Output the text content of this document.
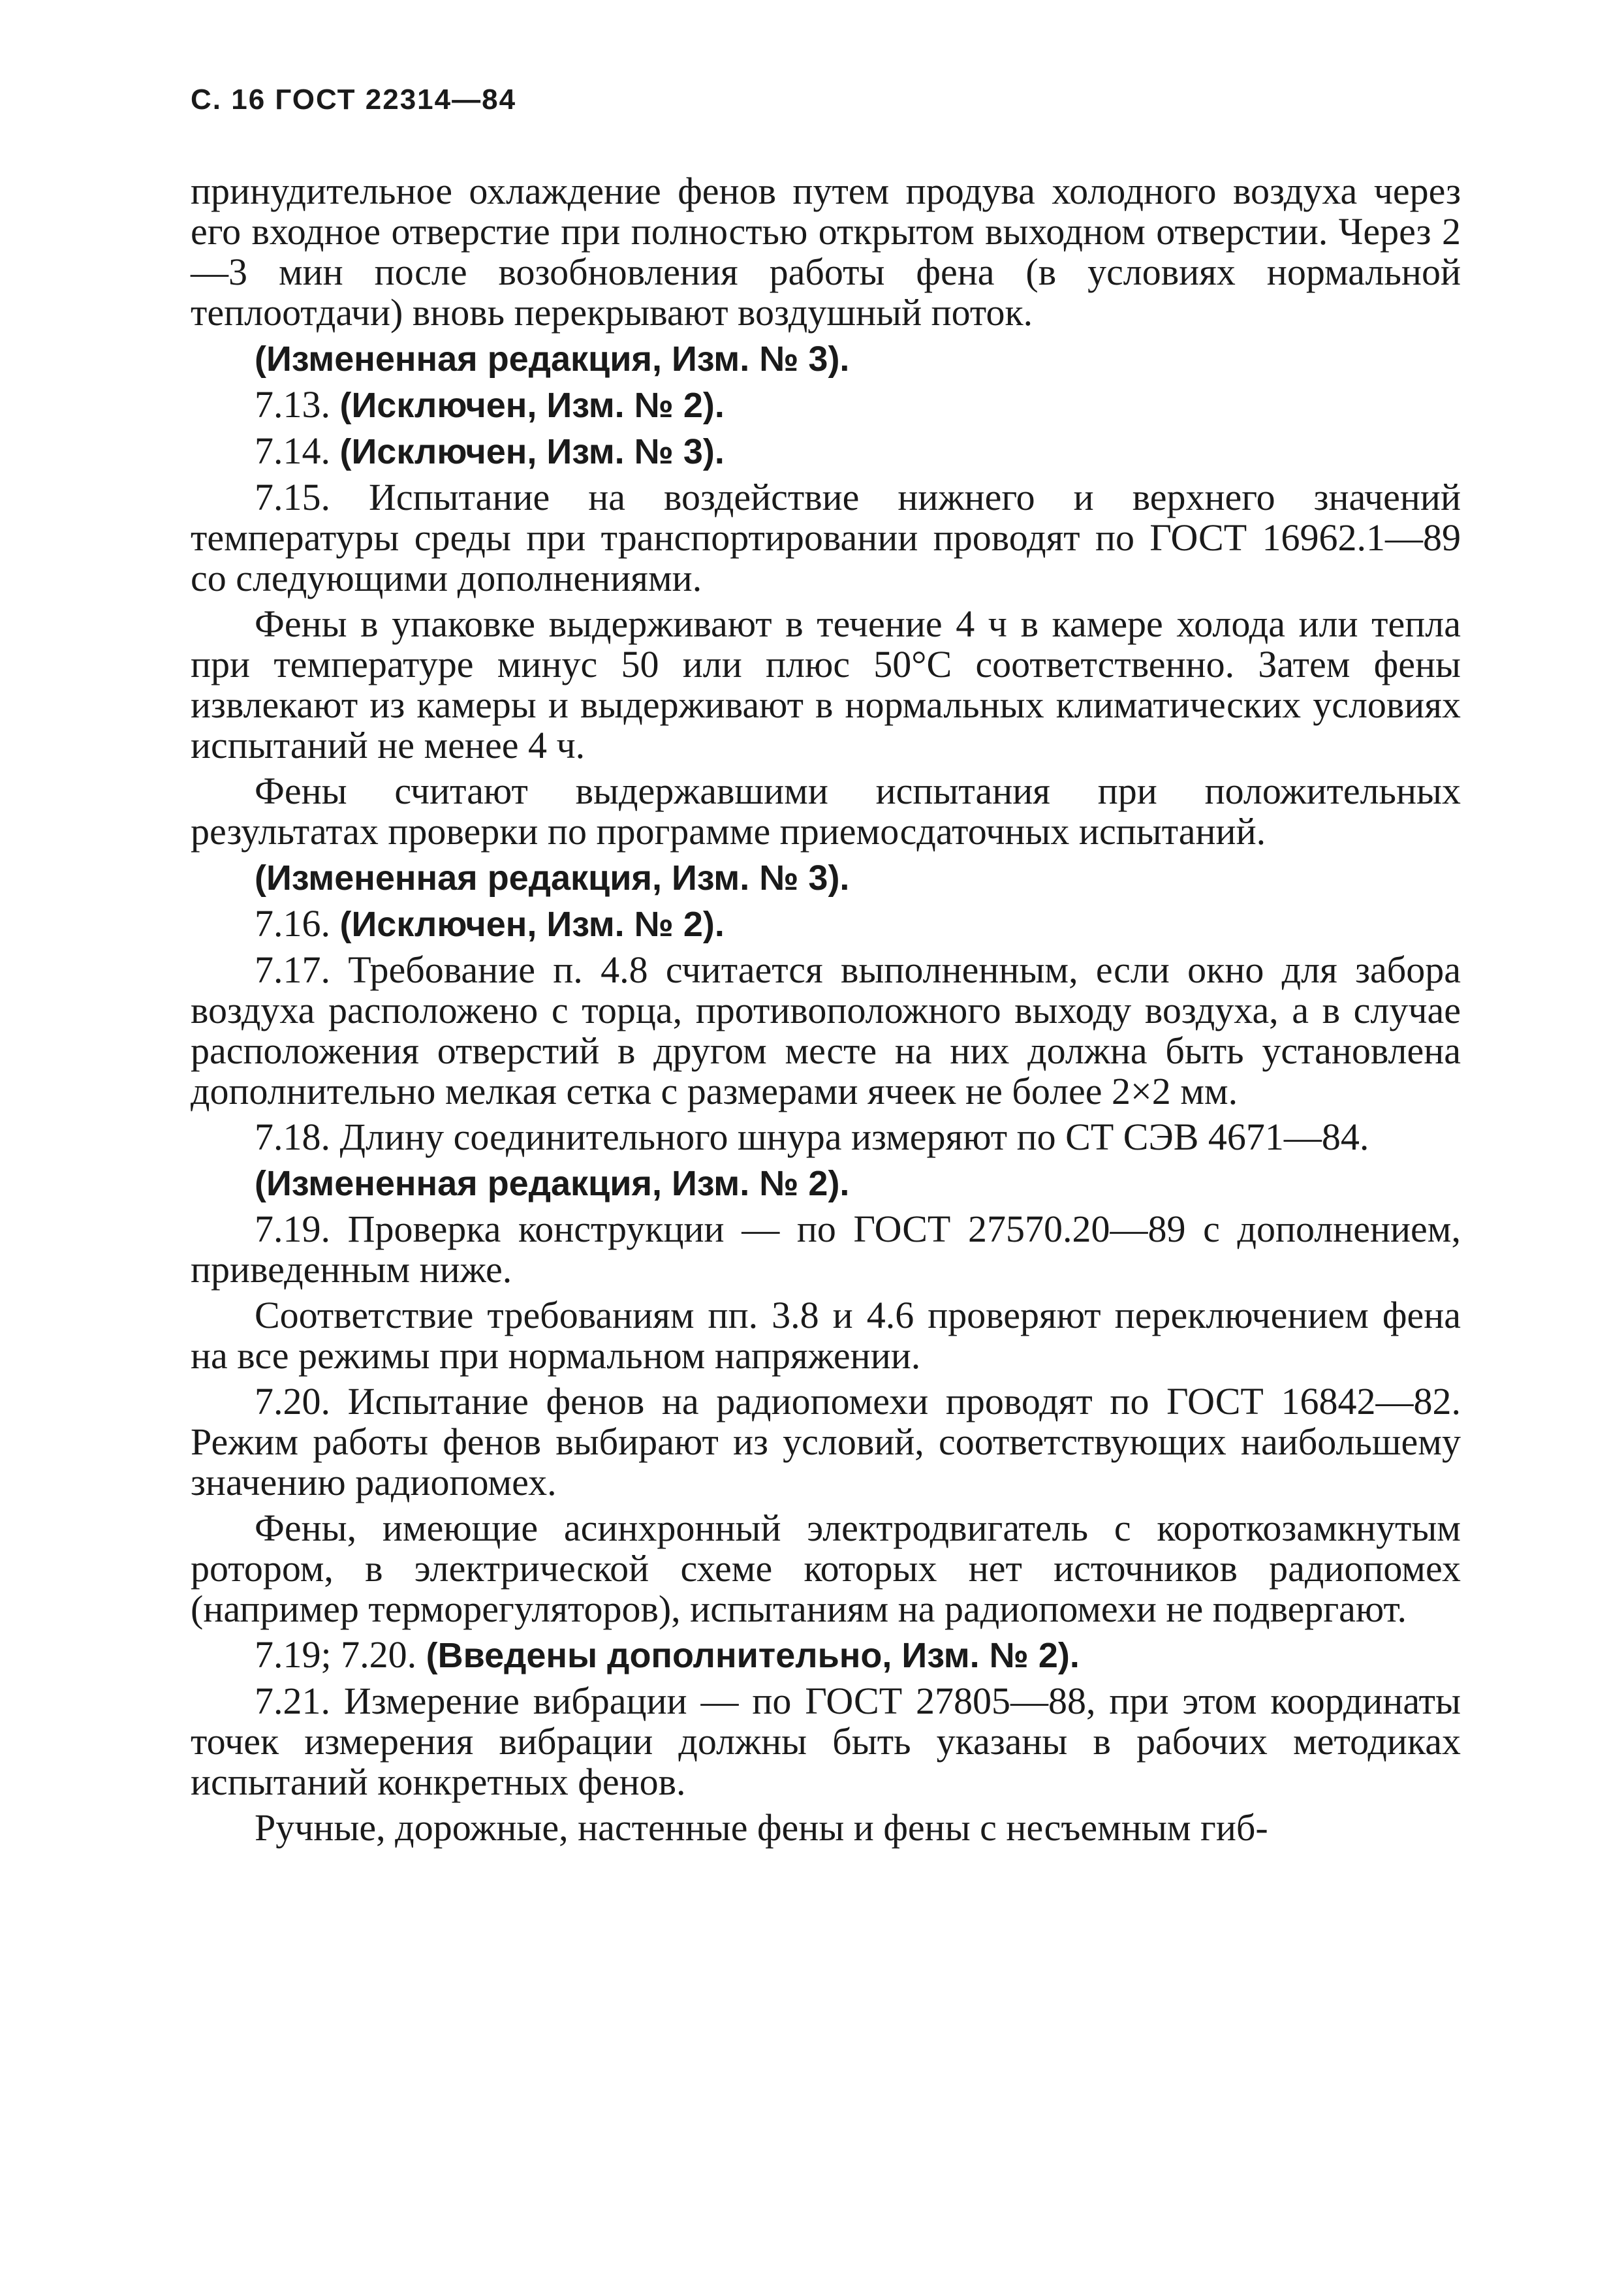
С. 16 ГОСТ 22314—84

принудительное охлаждение фенов путем продува холодного воздуха через его входное отверстие при полностью открытом выходном отверстии. Через 2—3 мин после возобновления работы фена (в условиях нормальной теплоотдачи) вновь перекрывают воздушный поток.

(Измененная редакция, Изм. № 3).

7.13. (Исключен, Изм. № 2).

7.14. (Исключен, Изм. № 3).

7.15. Испытание на воздействие нижнего и верхнего значений температуры среды при транспортировании проводят по ГОСТ 16962.1—89 со следующими дополнениями.

Фены в упаковке выдерживают в течение 4 ч в камере холода или тепла при температуре минус 50 или плюс 50°С соответственно. Затем фены извлекают из камеры и выдерживают в нормальных климатических условиях испытаний не менее 4 ч.

Фены считают выдержавшими испытания при положительных результатах проверки по программе приемосдаточных испытаний.

(Измененная редакция, Изм. № 3).

7.16. (Исключен, Изм. № 2).

7.17. Требование п. 4.8 считается выполненным, если окно для забора воздуха расположено с торца, противоположного выходу воздуха, а в случае расположения отверстий в другом месте на них должна быть установлена дополнительно мелкая сетка с размерами ячеек не более 2×2 мм.

7.18. Длину соединительного шнура измеряют по СТ СЭВ 4671—84.

(Измененная редакция, Изм. № 2).

7.19. Проверка конструкции — по ГОСТ 27570.20—89 с дополнением, приведенным ниже.

Соответствие требованиям пп. 3.8 и 4.6 проверяют переключением фена на все режимы при нормальном напряжении.

7.20. Испытание фенов на радиопомехи проводят по ГОСТ 16842—82. Режим работы фенов выбирают из условий, соответствующих наибольшему значению радиопомех.

Фены, имеющие асинхронный электродвигатель с короткозамкнутым ротором, в электрической схеме которых нет источников радиопомех (например терморегуляторов), испытаниям на радиопомехи не подвергают.

7.19; 7.20. (Введены дополнительно, Изм. № 2).

7.21. Измерение вибрации — по ГОСТ 27805—88, при этом координаты точек измерения вибрации должны быть указаны в рабочих методиках испытаний конкретных фенов.

Ручные, дорожные, настенные фены и фены с несъемным гиб-
